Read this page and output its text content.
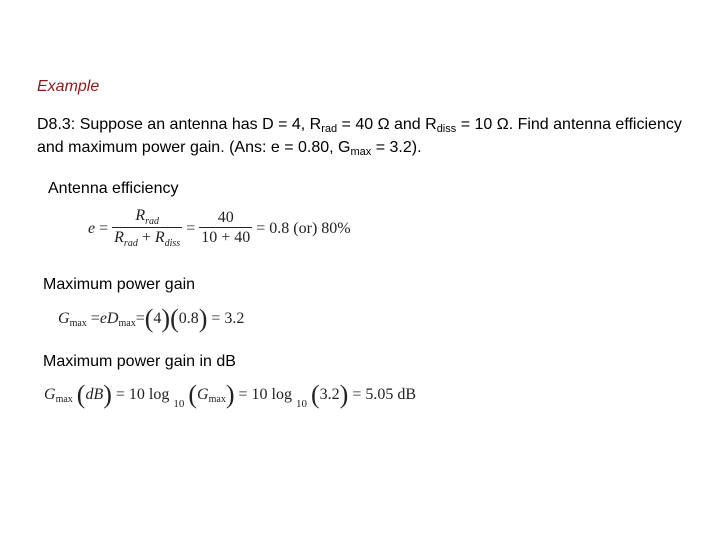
Example
D8.3: Suppose an antenna has D = 4, $R_{rad} = 40$ Ω and $R_{diss} = 10$ Ω. Find antenna efficiency and maximum power gain. (Ans: e = 0.80, $G_{max} = 3.2$).
Antenna efficiency
e
=
$\frac{R_{rad}}{R_{rad} + R_{diss}}$
=
$\frac{40}{10 + 40}$
= 0.8 (or) 80%
Maximum power gain
G max
= e D max = ( 4 )( 0.8 )
= 3.2
Maximum power gain in dB
G max
( dB )
= 10 log

10
( G max )
= 10 log

10
( 3.2 )
= 5.05 dB
